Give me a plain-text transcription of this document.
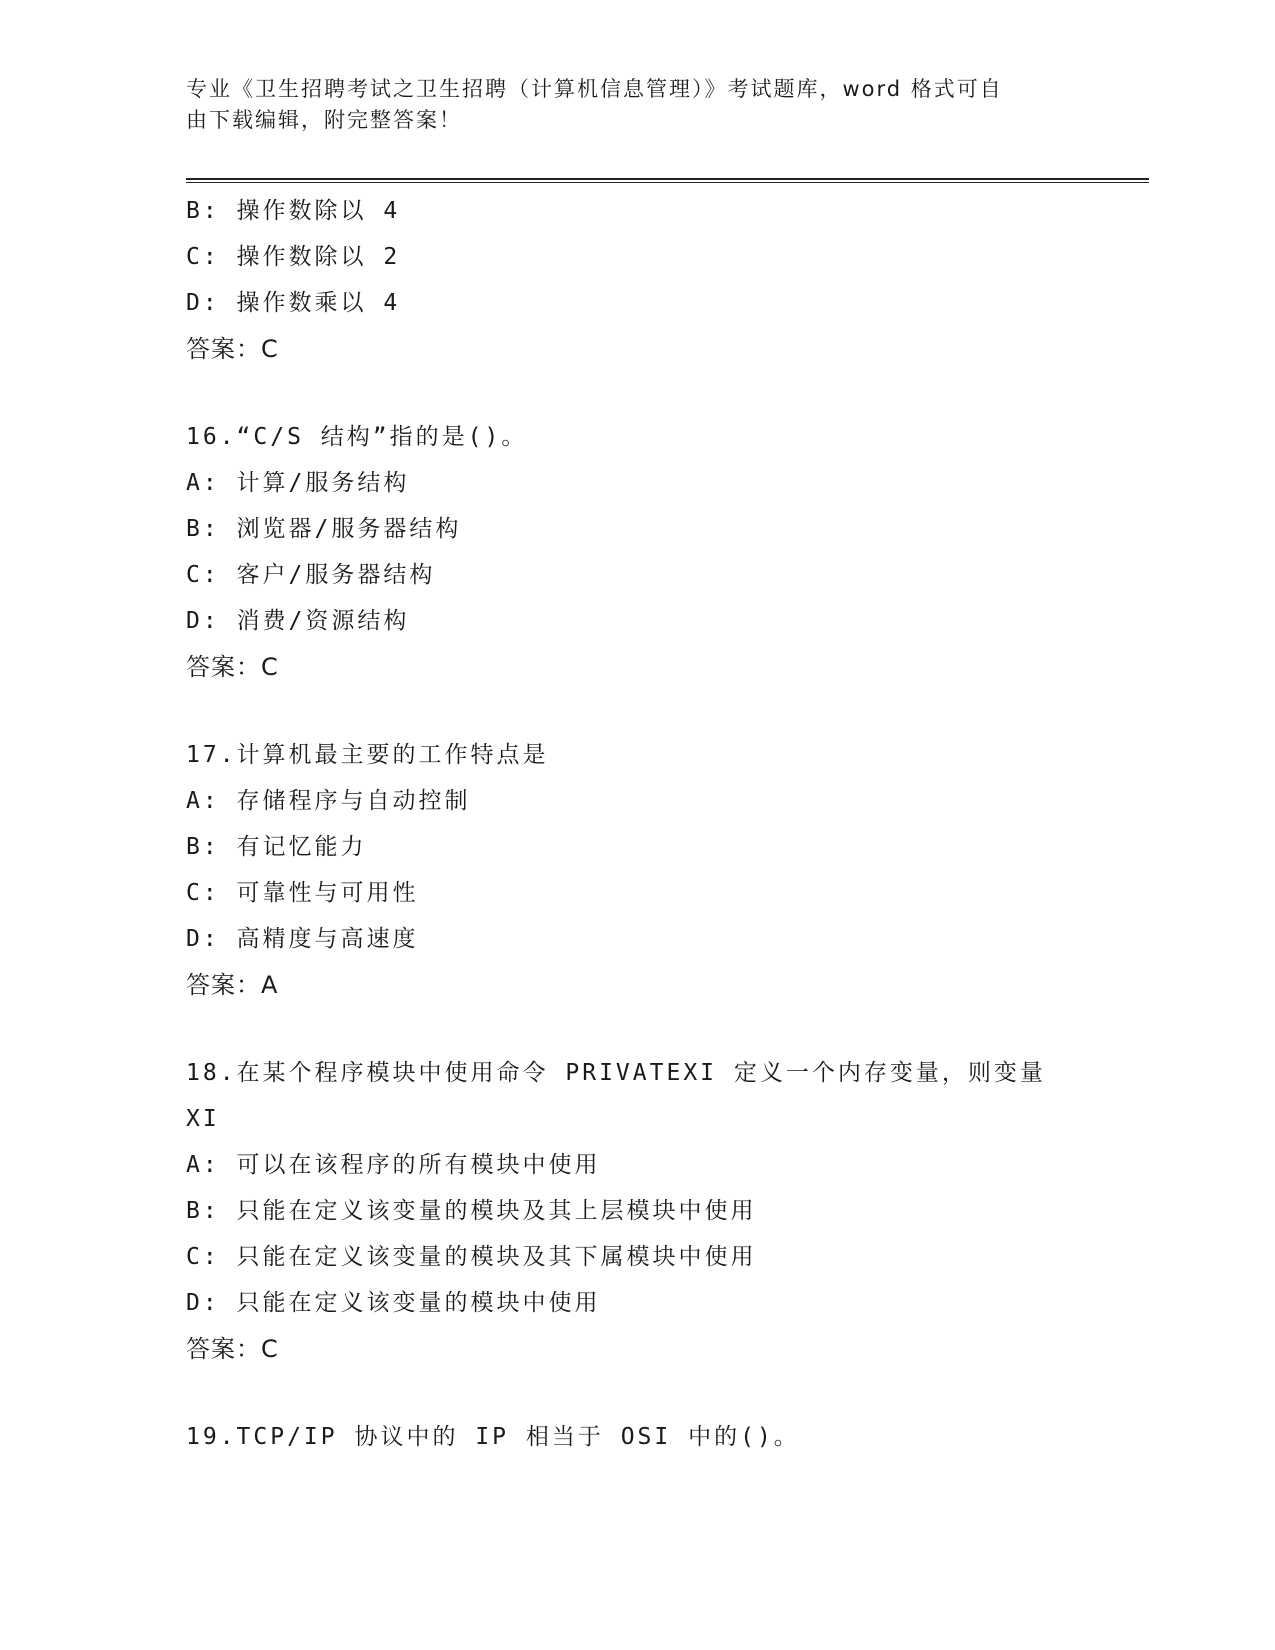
专业《卫生招聘考试之卫生招聘（计算机信息管理）》考试题库，word 格式可自
由下载编辑，附完整答案！
B: 操作数除以 4
C: 操作数除以 2
D: 操作数乘以 4
答案：C
16.“C/S 结构”指的是()。
A: 计算/服务结构
B: 浏览器/服务器结构
C: 客户/服务器结构
D: 消费/资源结构
答案：C
17.计算机最主要的工作特点是
A: 存储程序与自动控制
B: 有记忆能力
C: 可靠性与可用性
D: 高精度与高速度
答案：A
18.在某个程序模块中使用命令 PRIVATEXI 定义一个内存变量，则变量
XI
A: 可以在该程序的所有模块中使用
B: 只能在定义该变量的模块及其上层模块中使用
C: 只能在定义该变量的模块及其下属模块中使用
D: 只能在定义该变量的模块中使用
答案：C
19.TCP/IP 协议中的 IP 相当于 OSI 中的()。
